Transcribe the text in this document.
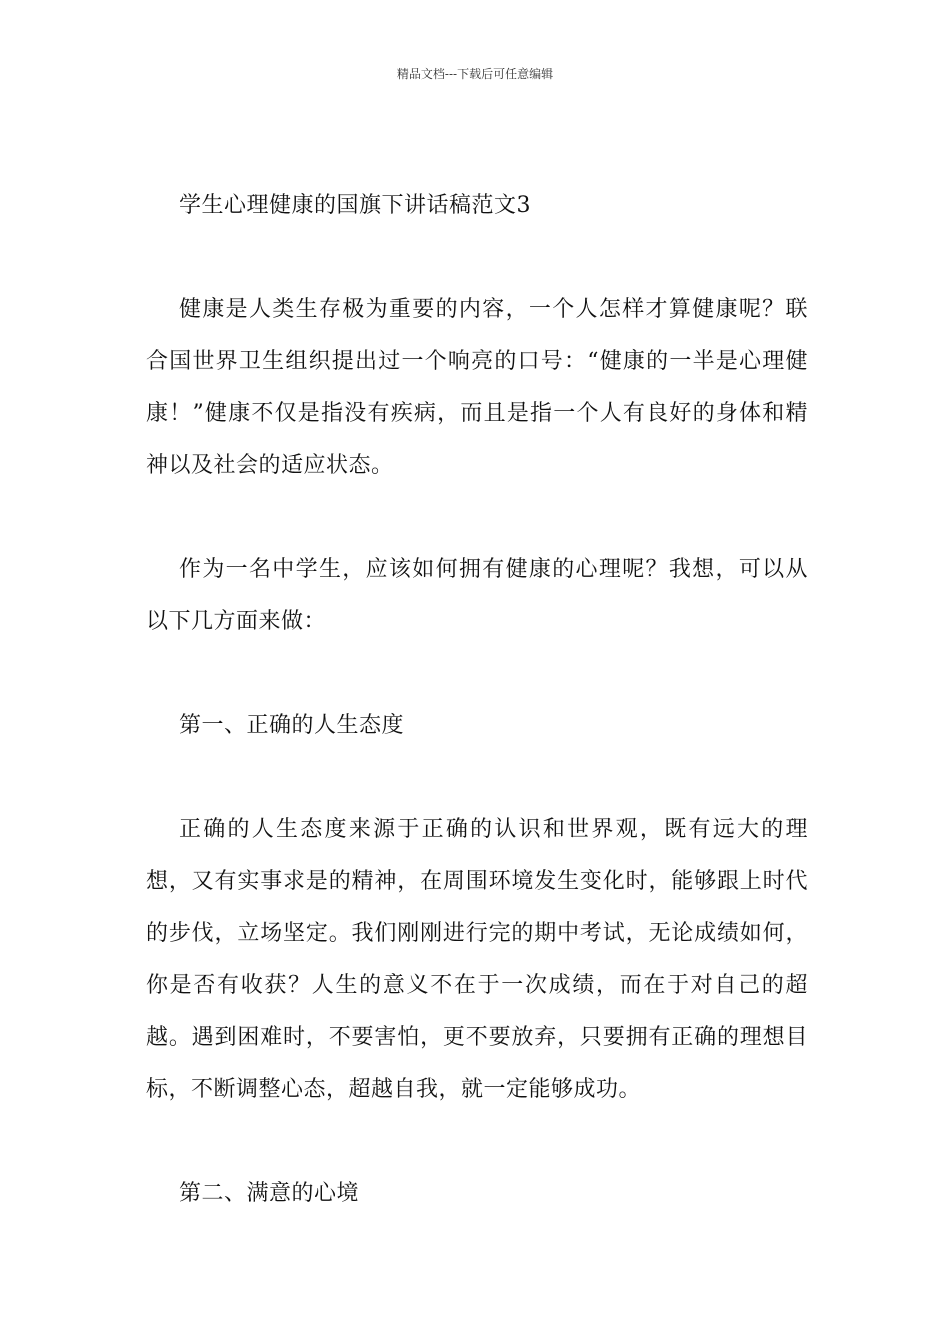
精品文档---下载后可任意编辑

学生心理健康的国旗下讲话稿范文3

健康是人类生存极为重要的内容，一个人怎样才算健康呢？联合国世界卫生组织提出过一个响亮的口号：“健康的一半是心理健康！”健康不仅是指没有疾病，而且是指一个人有良好的身体和精神以及社会的适应状态。

作为一名中学生，应该如何拥有健康的心理呢？我想，可以从以下几方面来做：

第一、正确的人生态度

正确的人生态度来源于正确的认识和世界观，既有远大的理想，又有实事求是的精神，在周围环境发生变化时，能够跟上时代的步伐，立场坚定。我们刚刚进行完的期中考试，无论成绩如何，你是否有收获？人生的意义不在于一次成绩，而在于对自己的超越。遇到困难时，不要害怕，更不要放弃，只要拥有正确的理想目标，不断调整心态，超越自我，就一定能够成功。

第二、满意的心境
